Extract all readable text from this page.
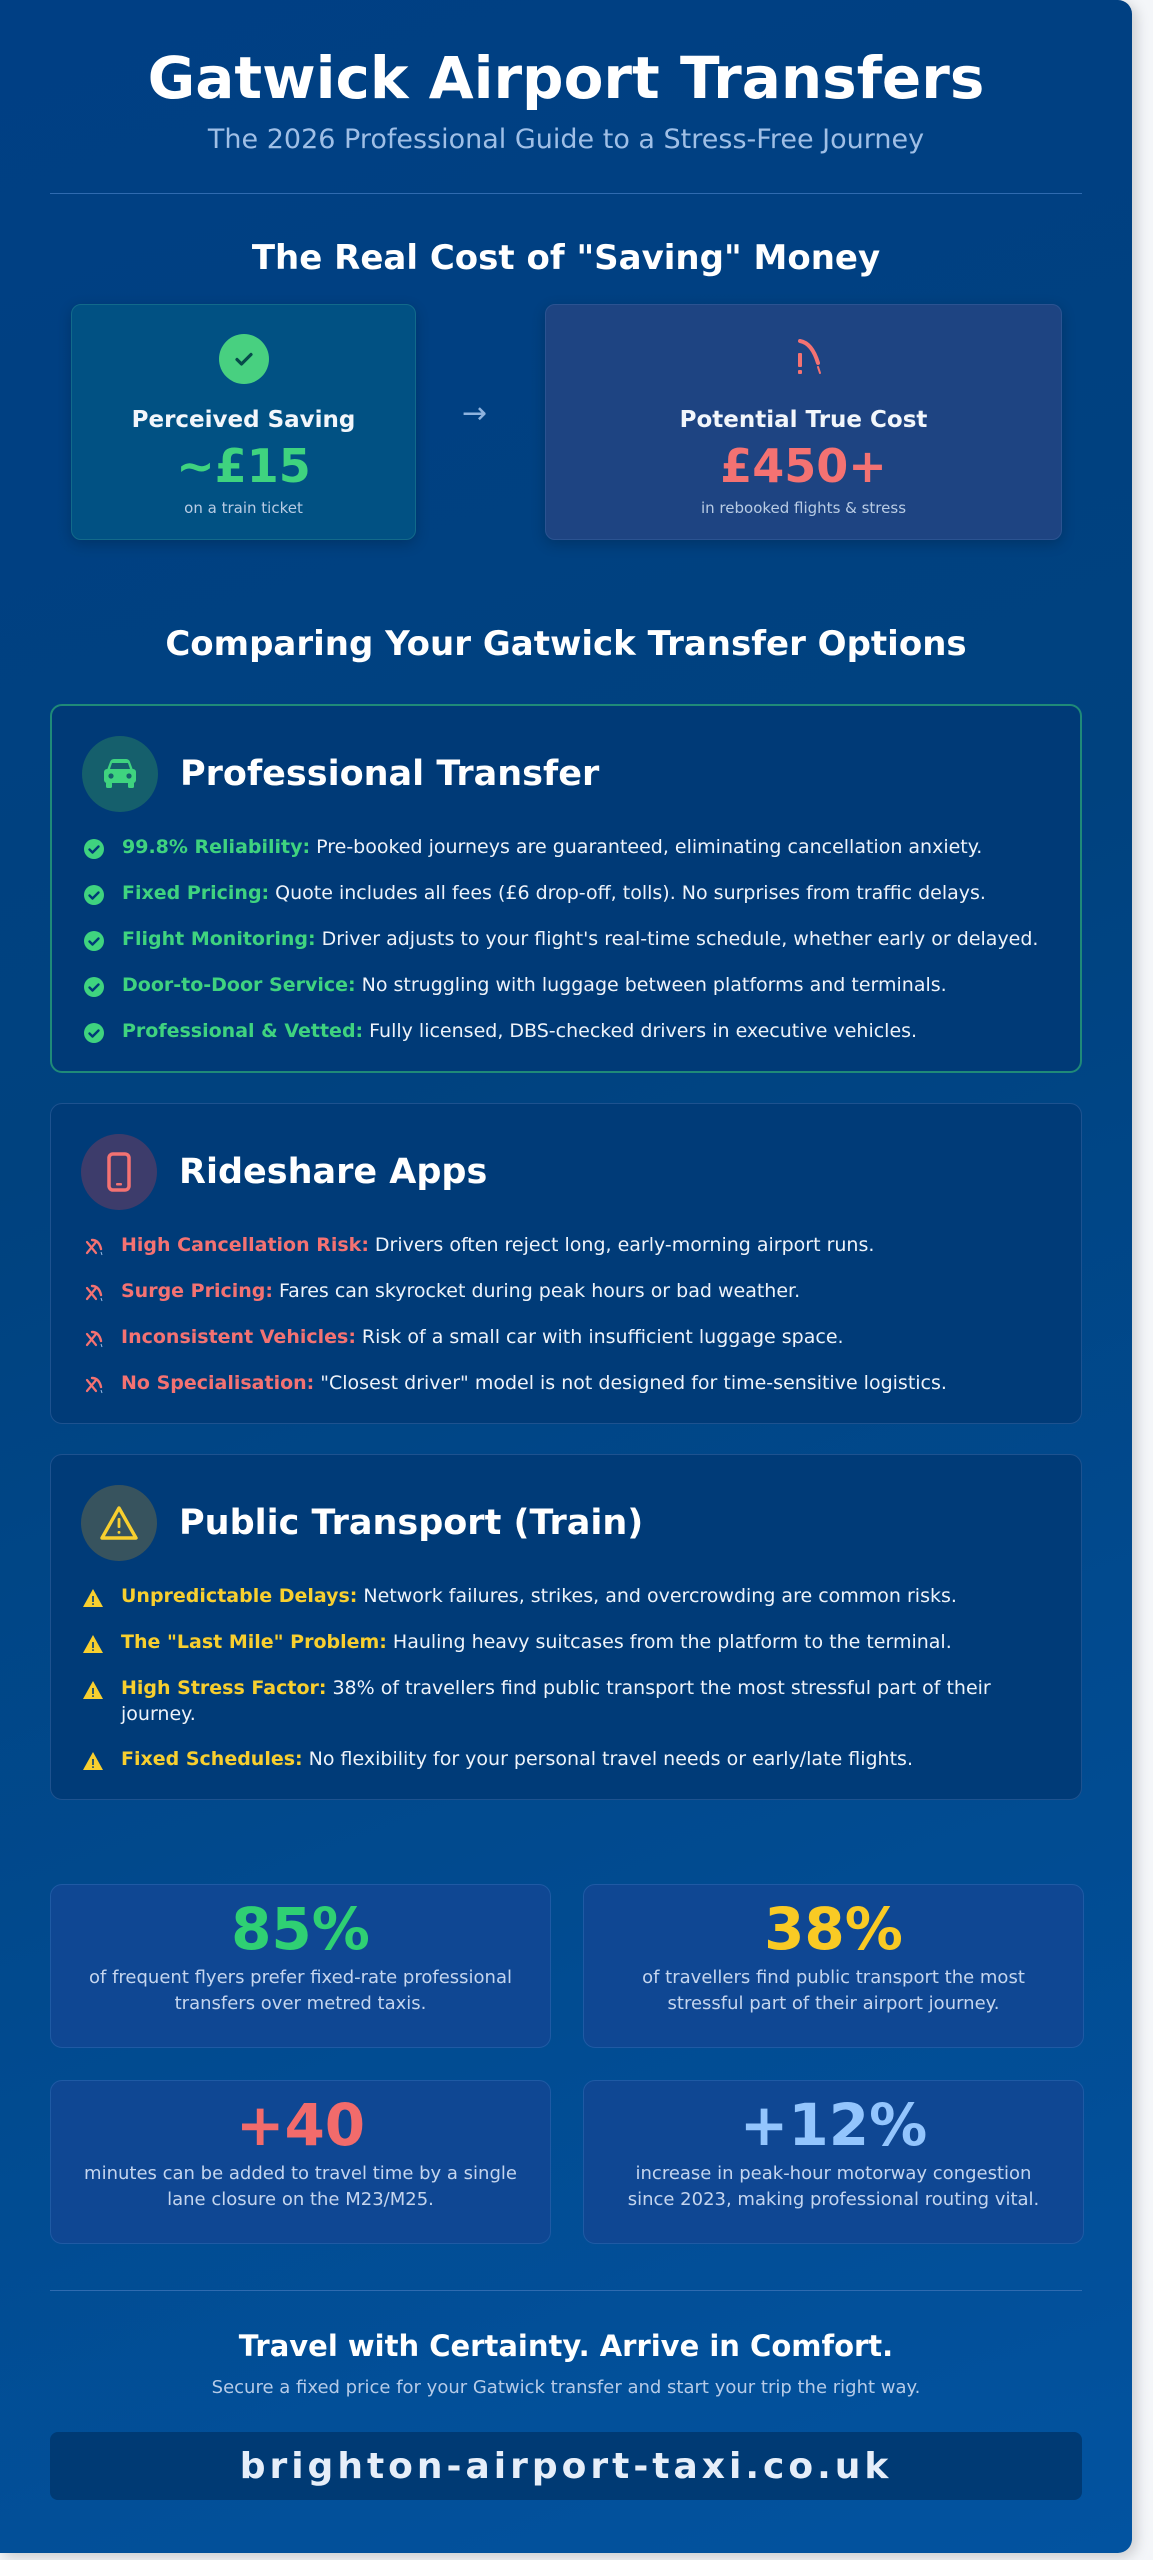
Gatwick Airport Transfers
The 2026 Professional Guide to a Stress-Free Journey
The Real Cost of "Saving" Money
Perceived Saving
~£15
on a train ticket
→	Potential True Cost
£450+
in rebooked flights & stress
Comparing Your Gatwick Transfer Options
Professional Transfer
99.8% Reliability: Pre-booked journeys are guaranteed, eliminating cancellation anxiety.
Fixed Pricing: Quote includes all fees (£6 drop-off, tolls). No surprises from traffic delays.
Flight Monitoring: Driver adjusts to your flight's real-time schedule, whether early or delayed.
Door-to-Door Service: No struggling with luggage between platforms and terminals.
Professional & Vetted: Fully licensed, DBS-checked drivers in executive vehicles.
Rideshare Apps
High Cancellation Risk: Drivers often reject long, early-morning airport runs.
Surge Pricing: Fares can skyrocket during peak hours or bad weather.
Inconsistent Vehicles: Risk of a small car with insufficient luggage space.
No Specialisation: "Closest driver" model is not designed for time-sensitive logistics.
Public Transport (Train)
Unpredictable Delays: Network failures, strikes, and overcrowding are common risks.
The "Last Mile" Problem: Hauling heavy suitcases from the platform to the terminal.
High Stress Factor: 38% of travellers find public transport the most stressful part of their journey.
Fixed Schedules: No flexibility for your personal travel needs or early/late flights.
85%
of frequent flyers prefer fixed-rate professional transfers over metred taxis.
38%
of travellers find public transport the most stressful part of their airport journey.
+40
minutes can be added to travel time by a single lane closure on the M23/M25.
+12%
increase in peak-hour motorway congestion since 2023, making professional routing vital.
Travel with Certainty. Arrive in Comfort.

Secure a fixed price for your Gatwick transfer and start your trip the right way.

brighton-airport-taxi.co.uk
